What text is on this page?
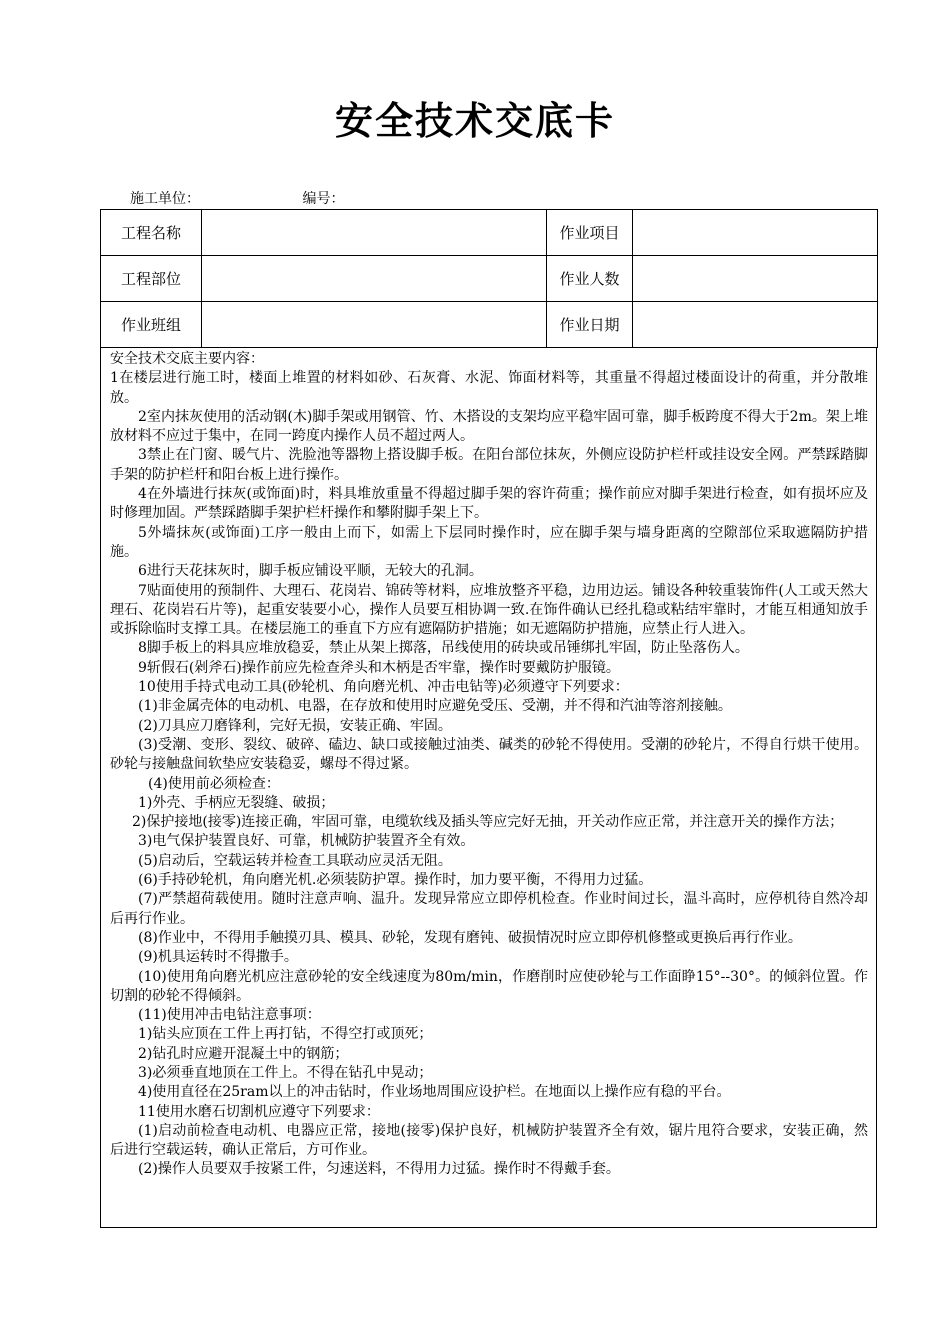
安全技术交底卡
施工单位：	编号：
工程名称		作业项目	
工程部位		作业人数	
作业班组		作业日期	

安全技术交底主要内容：

1在楼层进行施工时，楼面上堆置的材料如砂、石灰膏、水泥、饰面材料等，其重量不得超过楼面设计的荷重，并分散堆放。

2室内抹灰使用的活动钢(木)脚手架或用钢管、竹、木搭设的支架均应平稳牢固可靠，脚手板跨度不得大于2m。架上堆放材料不应过于集中，在同一跨度内操作人员不超过两人。

3禁止在门窗、暖气片、洗脸池等器物上搭设脚手板。在阳台部位抹灰，外侧应设防护栏杆或挂设安全网。严禁踩踏脚手架的防护栏杆和阳台板上进行操作。

4在外墙进行抹灰(或饰面)时，料具堆放重量不得超过脚手架的容许荷重；操作前应对脚手架进行检查，如有损坏应及时修理加固。严禁踩踏脚手架护栏杆操作和攀附脚手架上下。

5外墙抹灰(或饰面)工序一般由上而下，如需上下层同时操作时，应在脚手架与墙身距离的空隙部位采取遮隔防护措施。

6进行天花抹灰时，脚手板应铺设平顺，无较大的孔洞。

7贴面使用的预制件、大理石、花岗岩、锦砖等材料，应堆放整齐平稳，边用边运。铺设各种较重装饰件(人工或天然大理石、花岗岩石片等)，起重安装要小心，操作人员要互相协调一致.在饰件确认已经扎稳或粘结牢靠时，才能互相通知放手或拆除临时支撑工具。在楼层施工的垂直下方应有遮隔防护措施；如无遮隔防护措施，应禁止行人进入。

8脚手板上的料具应堆放稳妥，禁止从架上掷落，吊线使用的砖块或吊锤绑扎牢固，防止坠落伤人。

9斩假石(剁斧石)操作前应先检查斧头和木柄是否牢靠，操作时要戴防护服镜。

10使用手持式电动工具(砂轮机、角向磨光机、冲击电钻等)必须遵守下列要求：

(1)非金属壳体的电动机、电器，在存放和使用时应避免受压、受潮，并不得和汽油等溶剂接触。

(2)刀具应刀磨锋利，完好无损，安装正确、牢固。

(3)受潮、变形、裂纹、破碎、磕边、缺口或接触过油类、碱类的砂轮不得使用。受潮的砂轮片，不得自行烘干使用。砂轮与接触盘间软垫应安装稳妥，螺母不得过紧。

(4)使用前必须检查：

1)外壳、手柄应无裂缝、破损；

2)保护接地(接零)连接正确，牢固可靠，电缆软线及插头等应完好无抽，开关动作应正常，并注意开关的操作方法；

3)电气保护装置良好、可靠，机械防护装置齐全有效。

(5)启动后，空载运转并检查工具联动应灵活无阻。

(6)手持砂轮机，角向磨光机.必须装防护罩。操作时，加力要平衡，不得用力过猛。

(7)严禁超荷载使用。随时注意声响、温升。发现异常应立即停机检查。作业时间过长，温斗高时，应停机待自然冷却后再行作业。

(8)作业中，不得用手触摸刃具、模具、砂轮，发现有磨钝、破损情况时应立即停机修整或更换后再行作业。

(9)机具运转时不得撒手。

(10)使用角向磨光机应注意砂轮的安全线速度为80m/min，作磨削时应使砂轮与工作面睁15°--30°。的倾斜位置。作切割的砂轮不得倾斜。

(11)使用冲击电钻注意事项：

1)钻头应顶在工件上再打钻，不得空打或顶死；

2)钻孔时应避开混凝土中的钢筋；

3)必须垂直地顶在工件上。不得在钻孔中晃动；

4)使用直径在25ram以上的冲击钻时，作业场地周围应设护栏。在地面以上操作应有稳的平台。

11使用水磨石切割机应遵守下列要求：

(1)启动前检查电动机、电器应正常，接地(接零)保护良好，机械防护装置齐全有效，锯片甩符合要求，安装正确，然后进行空载运转，确认正常后，方可作业。

(2)操作人员要双手按紧工件，匀速送料，不得用力过猛。操作时不得戴手套。
